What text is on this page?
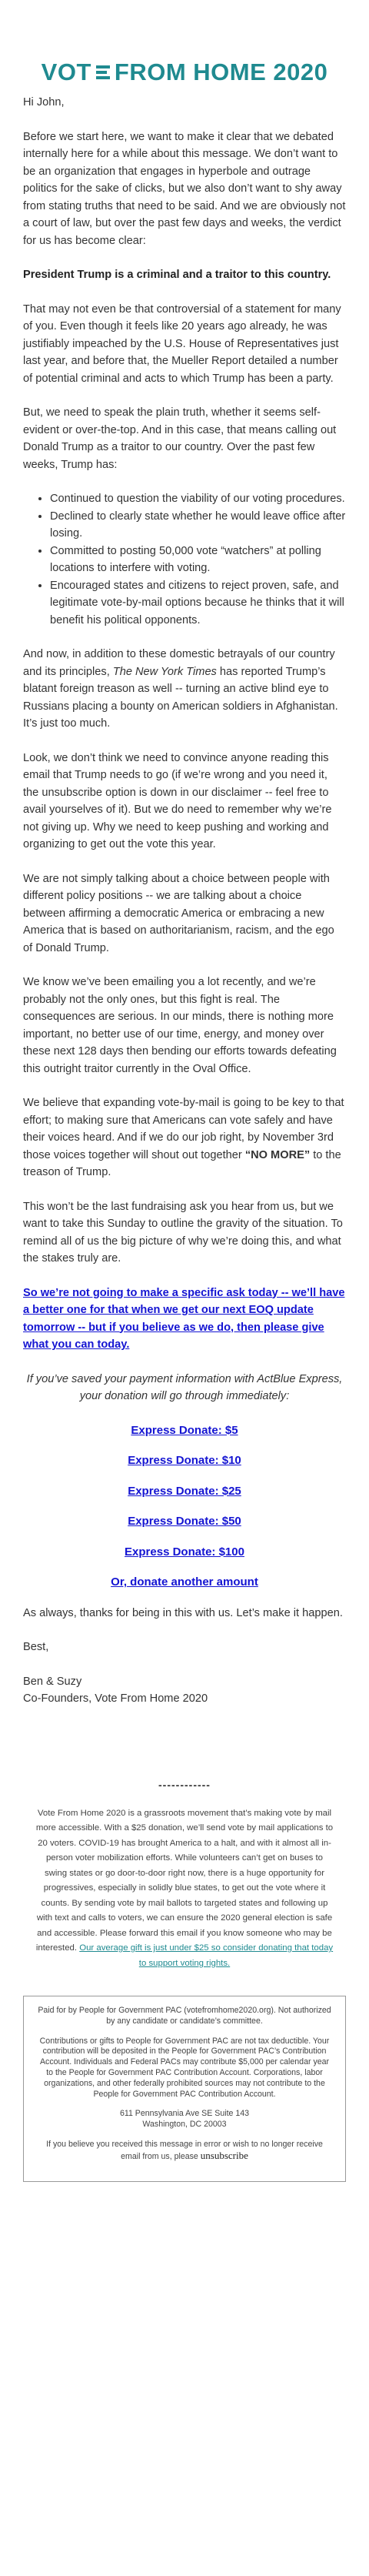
VOT FROM HOME 2020

Hi John,

Before we start here, we want to make it clear that we debated internally here for a while about this message. We don’t want to be an organization that engages in hyperbole and outrage politics for the sake of clicks, but we also don’t want to shy away from stating truths that need to be said. And we are obviously not a court of law, but over the past few days and weeks, the verdict for us has become clear:

President Trump is a criminal and a traitor to this country.

That may not even be that controversial of a statement for many of you. Even though it feels like 20 years ago already, he was justifiably impeached by the U.S. House of Representatives just last year, and before that, the Mueller Report detailed a number of potential criminal and acts to which Trump has been a party.

But, we need to speak the plain truth, whether it seems self-evident or over-the-top. And in this case, that means calling out Donald Trump as a traitor to our country. Over the past few weeks, Trump has:

• Continued to question the viability of our voting procedures.
• Declined to clearly state whether he would leave office after losing.
• Committed to posting 50,000 vote “watchers” at polling locations to interfere with voting.
• Encouraged states and citizens to reject proven, safe, and legitimate vote-by-mail options because he thinks that it will benefit his political opponents.

And now, in addition to these domestic betrayals of our country and its principles, The New York Times has reported Trump’s blatant foreign treason as well -- turning an active blind eye to Russians placing a bounty on American soldiers in Afghanistan. It’s just too much.

Look, we don’t think we need to convince anyone reading this email that Trump needs to go (if we’re wrong and you need it, the unsubscribe option is down in our disclaimer -- feel free to avail yourselves of it). But we do need to remember why we’re not giving up. Why we need to keep pushing and working and organizing to get out the vote this year.

We are not simply talking about a choice between people with different policy positions -- we are talking about a choice between affirming a democratic America or embracing a new America that is based on authoritarianism, racism, and the ego of Donald Trump.

We know we’ve been emailing you a lot recently, and we’re probably not the only ones, but this fight is real. The consequences are serious. In our minds, there is nothing more important, no better use of our time, energy, and money over these next 128 days then bending our efforts towards defeating this outright traitor currently in the Oval Office.

We believe that expanding vote-by-mail is going to be key to that effort; to making sure that Americans can vote safely and have their voices heard. And if we do our job right, by November 3rd those voices together will shout out together “NO MORE” to the treason of Trump.

This won’t be the last fundraising ask you hear from us, but we want to take this Sunday to outline the gravity of the situation. To remind all of us the big picture of why we’re doing this, and what the stakes truly are.

So we’re not going to make a specific ask today -- we’ll have a better one for that when we get our next EOQ update tomorrow -- but if you believe as we do, then please give what you can today.

If you’ve saved your payment information with ActBlue Express, your donation will go through immediately:

Express Donate: $5
Express Donate: $10
Express Donate: $25
Express Donate: $50
Express Donate: $100
Or, donate another amount

As always, thanks for being in this with us. Let’s make it happen.

Best,

Ben & Suzy
Co-Founders, Vote From Home 2020

------------
Vote From Home 2020 is a grassroots movement that’s making vote by mail more accessible. With a $25 donation, we’ll send vote by mail applications to 20 voters. COVID-19 has brought America to a halt, and with it almost all in-person voter mobilization efforts. While volunteers can’t get on buses to swing states or go door-to-door right now, there is a huge opportunity for progressives, especially in solidly blue states, to get out the vote where it counts. By sending vote by mail ballots to targeted states and following up with text and calls to voters, we can ensure the 2020 general election is safe and accessible. Please forward this email if you know someone who may be interested. Our average gift is just under $25 so consider donating that today to support voting rights.

Paid for by People for Government PAC (votefromhome2020.org). Not authorized by any candidate or candidate’s committee.

Contributions or gifts to People for Government PAC are not tax deductible. Your contribution will be deposited in the People for Government PAC’s Contribution Account. Individuals and Federal PACs may contribute $5,000 per calendar year to the People for Government PAC Contribution Account. Corporations, labor organizations, and other federally prohibited sources may not contribute to the People for Government PAC Contribution Account.

611 Pennsylvania Ave SE Suite 143
Washington, DC 20003

If you believe you received this message in error or wish to no longer receive email from us, please unsubscribe
